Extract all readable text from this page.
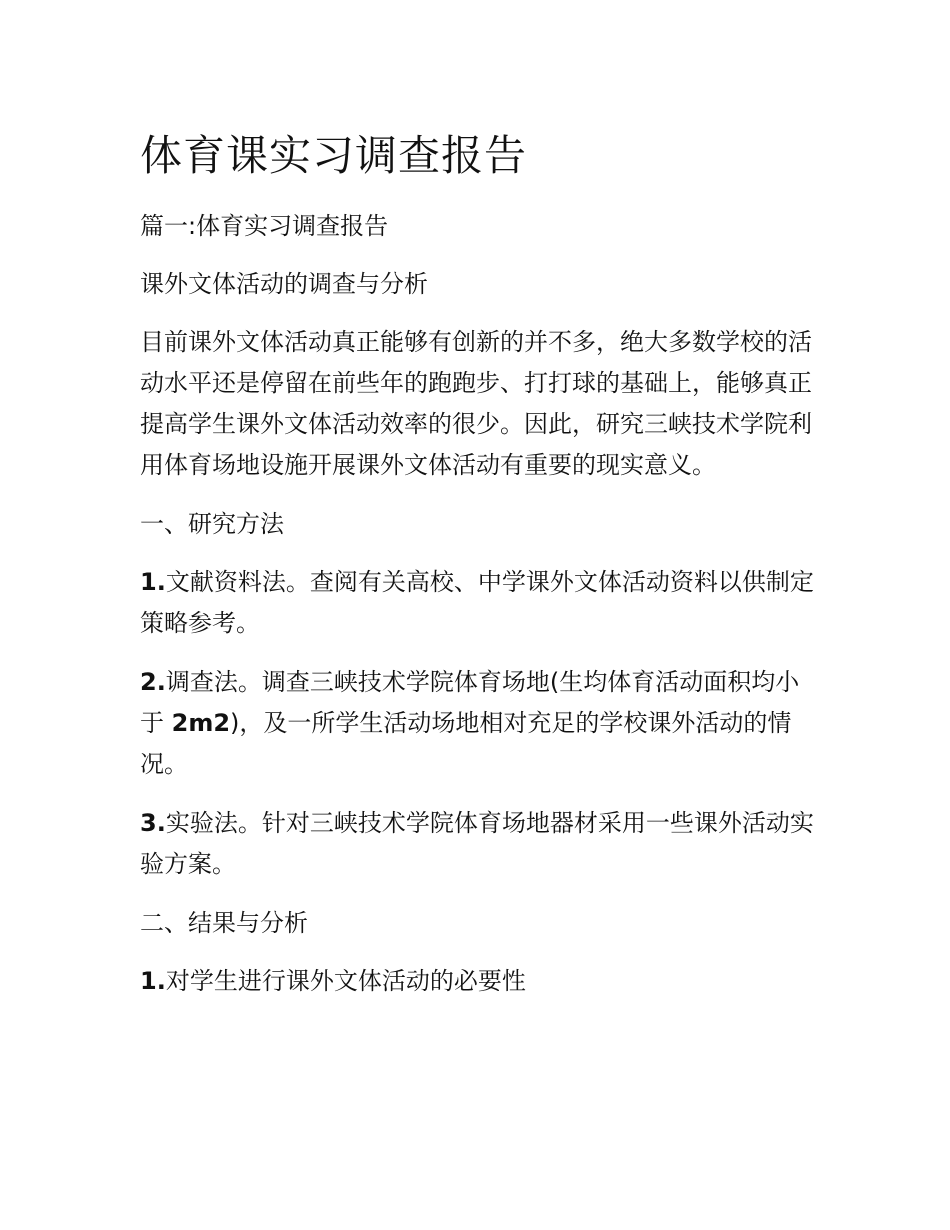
体育课实习调查报告

篇一:体育实习调查报告

课外文体活动的调查与分析

目前课外文体活动真正能够有创新的并不多，绝大多数学校的活动水平还是停留在前些年的跑跑步、打打球的基础上，能够真正提高学生课外文体活动效率的很少。因此，研究三峡技术学院利用体育场地设施开展课外文体活动有重要的现实意义。

一、研究方法

1.文献资料法。查阅有关高校、中学课外文体活动资料以供制定策略参考。

2.调查法。调查三峡技术学院体育场地(生均体育活动面积均小于 2m2)，及一所学生活动场地相对充足的学校课外活动的情况。

3.实验法。针对三峡技术学院体育场地器材采用一些课外活动实验方案。

二、结果与分析

1.对学生进行课外文体活动的必要性
